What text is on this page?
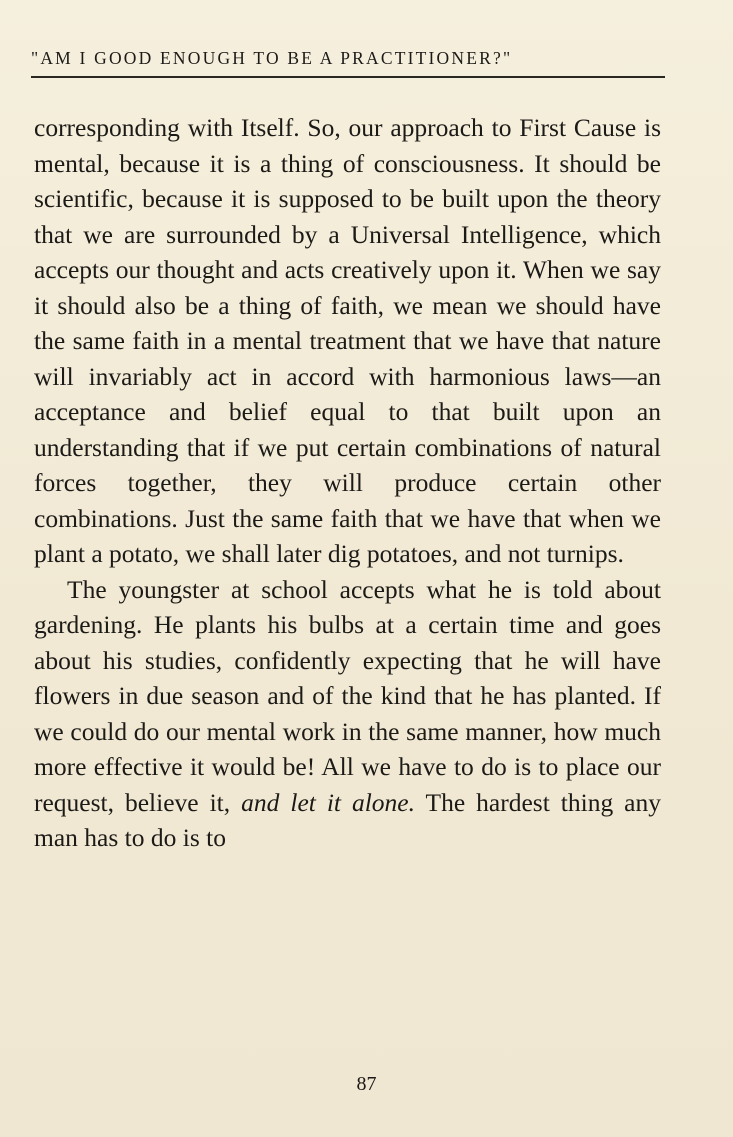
"AM I GOOD ENOUGH TO BE A PRACTITIONER?"

corresponding with Itself. So, our approach to First Cause is mental, because it is a thing of consciousness. It should be scientific, because it is supposed to be built upon the theory that we are surrounded by a Universal Intelligence, which accepts our thought and acts creatively upon it. When we say it should also be a thing of faith, we mean we should have the same faith in a mental treatment that we have that nature will invariably act in accord with harmonious laws—an acceptance and belief equal to that built upon an understanding that if we put certain combinations of natural forces together, they will produce certain other combinations. Just the same faith that we have that when we plant a potato, we shall later dig potatoes, and not turnips.

The youngster at school accepts what he is told about gardening. He plants his bulbs at a certain time and goes about his studies, confidently expecting that he will have flowers in due season and of the kind that he has planted. If we could do our mental work in the same manner, how much more effective it would be! All we have to do is to place our request, believe it, and let it alone. The hardest thing any man has to do is to

87
